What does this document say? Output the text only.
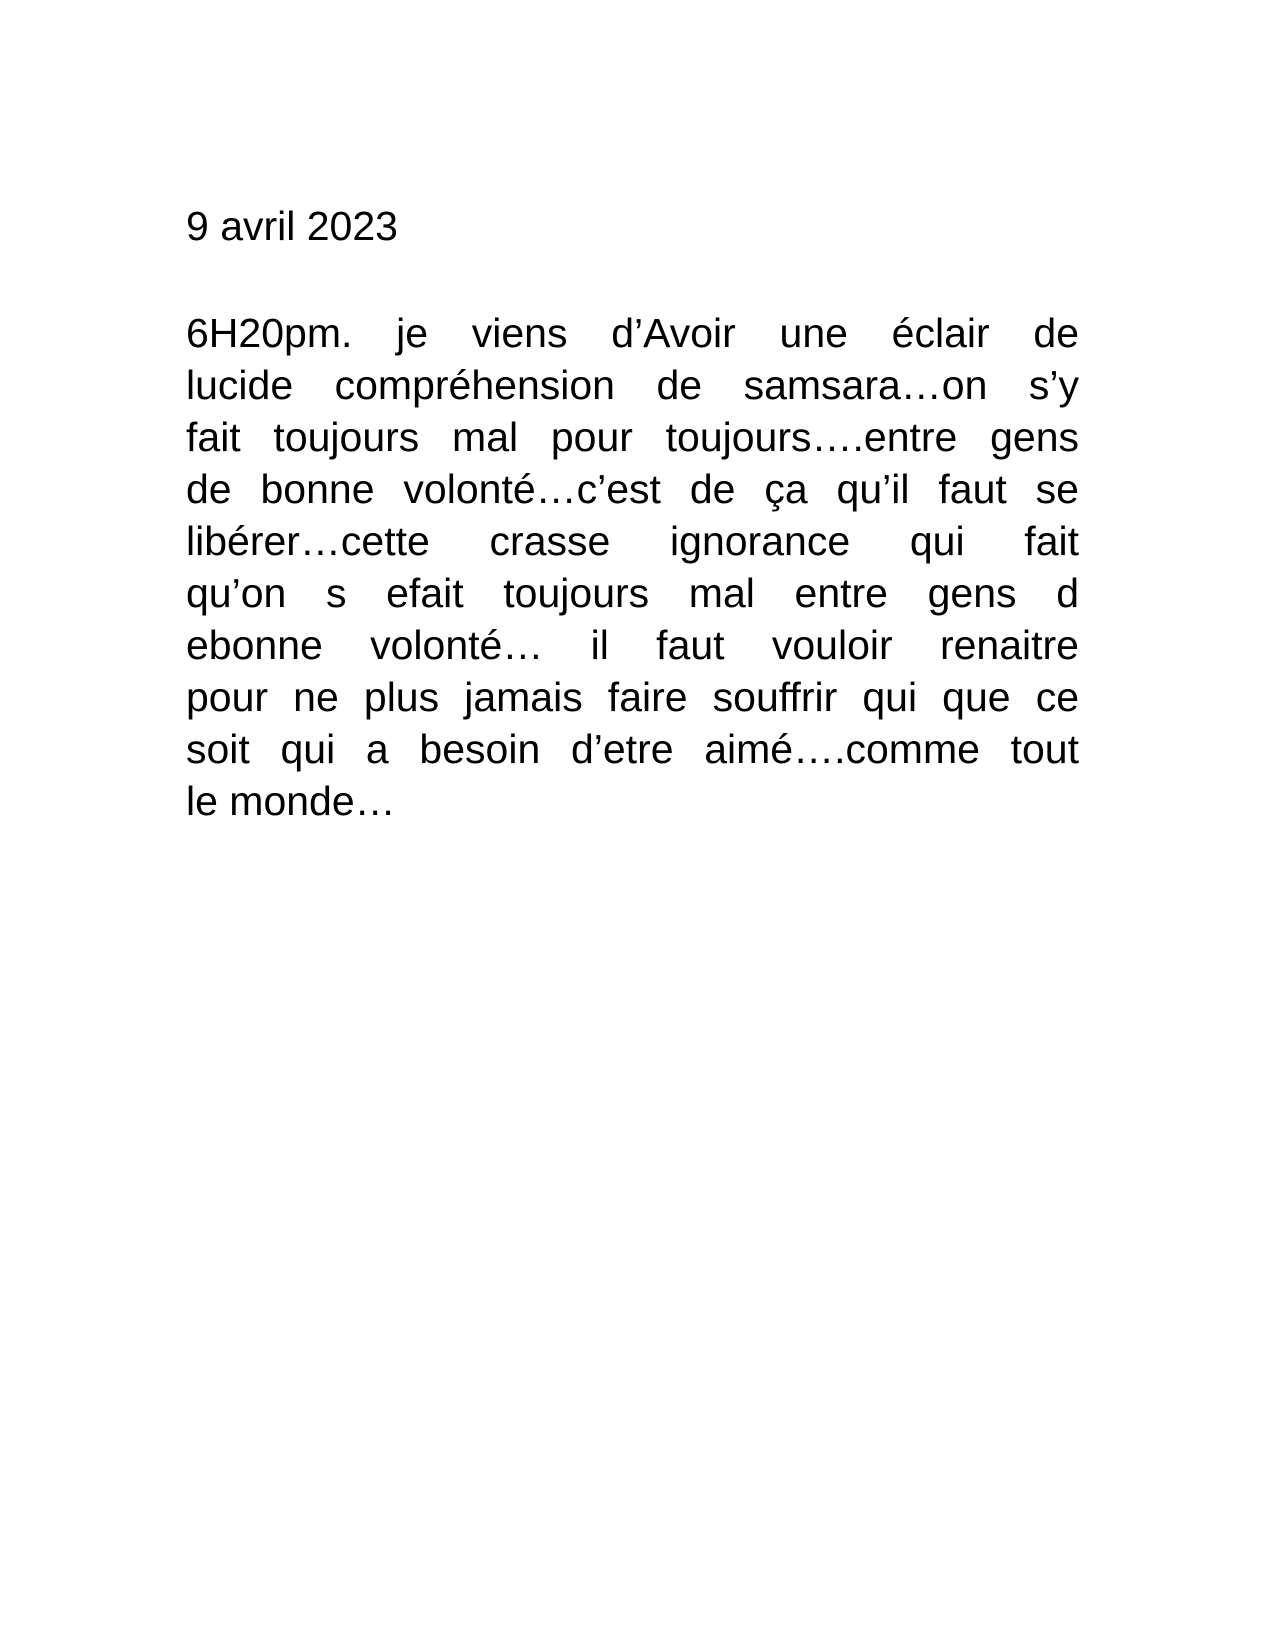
9 avril 2023

6H20pm. je viens d’Avoir une éclair de
lucide compréhension de samsara…on s’y
fait toujours mal pour toujours….entre gens
de bonne volonté…c’est de ça qu’il faut se
libérer…cette crasse ignorance qui fait
qu’on s efait toujours mal entre gens d
ebonne volonté… il faut vouloir renaitre
pour ne plus jamais faire souffrir qui que ce
soit qui a besoin d’etre aimé….comme tout
le monde…
